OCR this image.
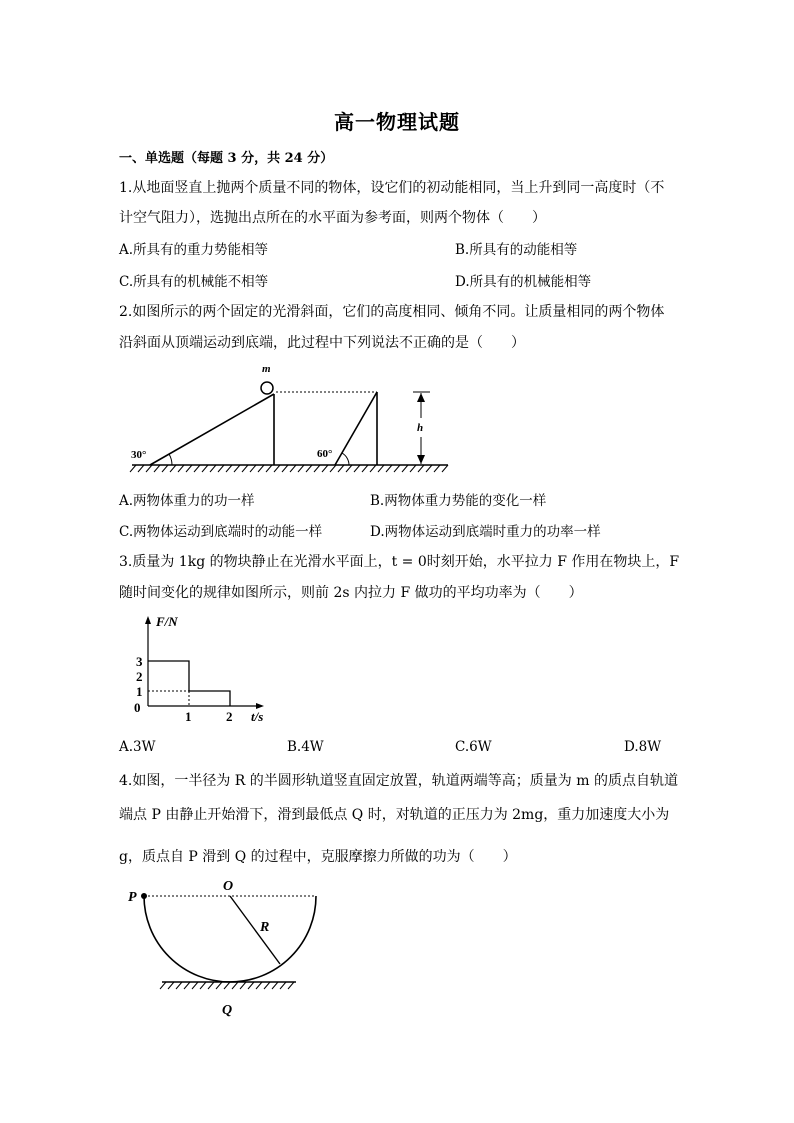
高一物理试题
一、单选题（每题 3 分，共 24 分）
1.从地面竖直上抛两个质量不同的物体，设它们的初动能相同，当上升到同一高度时（不
计空气阻力），选抛出点所在的水平面为参考面，则两个物体（　　）
A.所具有的重力势能相等	B.所具有的动能相等
C.所具有的机械能不相等	D.所具有的机械能相等
2.如图所示的两个固定的光滑斜面，它们的高度相同、倾角不同。让质量相同的两个物体
沿斜面从顶端运动到底端，此过程中下列说法不正确的是（　　）
m
30°	60°
h
A.两物体重力的功一样	B.两物体重力势能的变化一样
C.两物体运动到底端时的动能一样	D.两物体运动到底端时重力的功率一样
3.质量为 1kg 的物块静止在光滑水平面上，t = 0时刻开始，水平拉力 F 作用在物块上，F
随时间变化的规律如图所示，则前 2s 内拉力 F 做功的平均功率为（　　）
F/N
t/s
0
1
2
3
1	2
A.3W	B.4W	C.6W	D.8W
4.如图，一半径为 R 的半圆形轨道竖直固定放置，轨道两端等高；质量为 m 的质点自轨道
端点 P 由静止开始滑下，滑到最低点 Q 时，对轨道的正压力为 2mg，重力加速度大小为
g，质点自 P 滑到 Q 的过程中，克服摩擦力所做的功为（　　）
P
O
R
Q
